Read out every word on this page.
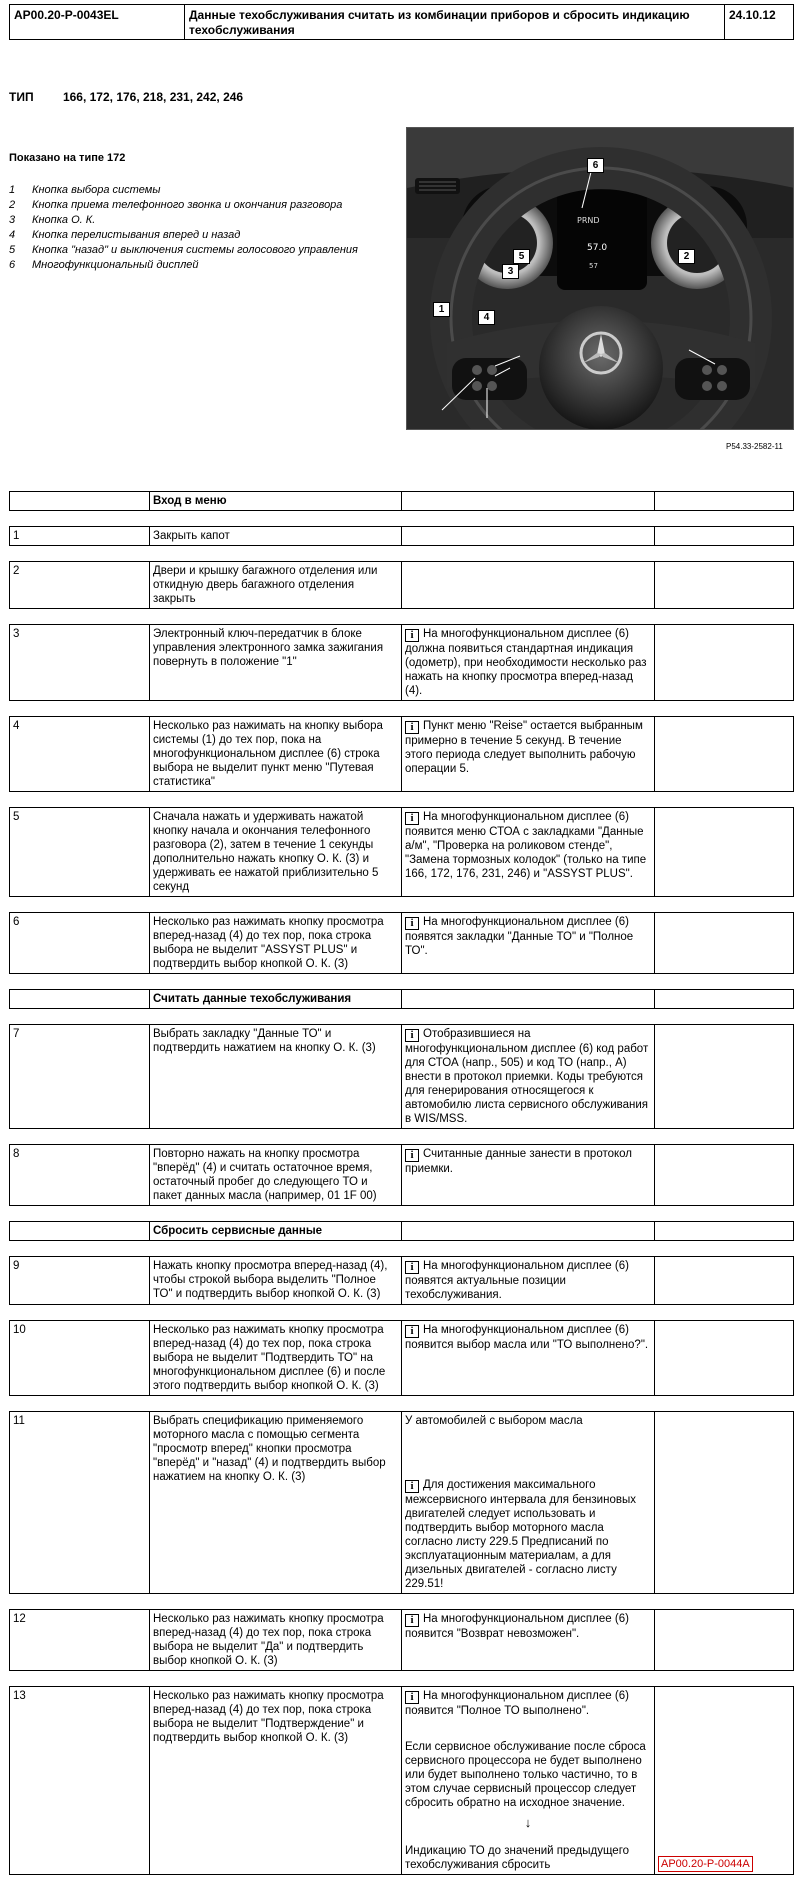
AP00.20-P-0043EL	Данные техобслуживания считать из комбинации приборов и сбросить индикацию техобслуживания
24.10.12
ТИП 166, 172, 176, 218, 231, 242, 246
Показано на типе 172
1	Кнопка выбора системы
2	Кнопка приема телефонного звонка и окончания разговора
3	Кнопка О. К.
4	Кнопка перелистывания вперед и назад
5	Кнопка "назад" и выключения системы голосового управления
6	Многофункциональный дисплей
PRND
57.0
57
1
2
3
4
5
6
P54.33-2582-11
	Вход в меню		
1	Закрыть капот		
2	Двери и крышку багажного отделения или откидную дверь багажного отделения закрыть		
3	Электронный ключ-передатчик в блоке управления электронного замка зажигания повернуть в положение "1"	i На многофункциональном дисплее (6) должна появиться стандартная индикация (одометр), при необходимости несколько раз нажать на кнопку просмотра вперед-назад (4).	
4	Несколько раз нажимать на кнопку выбора системы (1) до тех пор, пока на многофункциональном дисплее (6) строка выбора не выделит пункт меню "Путевая статистика"	i Пункт меню "Reise" остается выбранным примерно в течение 5 секунд. В течение этого периода следует выполнить рабочую операции 5.	
5	Сначала нажать и удерживать нажатой кнопку начала и окончания телефонного разговора (2), затем в течение 1 секунды дополнительно нажать кнопку О. К. (3) и удерживать ее нажатой приблизительно 5 секунд	i На многофункциональном дисплее (6) появится меню СТОА с закладками "Данные а/м", "Проверка на роликовом стенде", "Замена тормозных колодок" (только на типе 166, 172, 176, 231, 246) и "ASSYST PLUS".	
6	Несколько раз нажимать кнопку просмотра вперед-назад (4) до тех пор, пока строка выбора не выделит "ASSYST PLUS" и подтвердить выбор кнопкой О. К. (3)	i На многофункциональном дисплее (6) появятся закладки "Данные ТО" и "Полное ТО".	
	Считать данные техобслуживания		
7	Выбрать закладку "Данные ТО" и подтвердить нажатием на кнопку О. К. (3)	i Отобразившиеся на многофункциональном дисплее (6) код работ для СТОА (напр., 505) и код ТО (напр., А) внести в протокол приемки. Коды требуются для генерирования относящегося к автомобилю листа сервисного обслуживания в WIS/MSS.	
8	Повторно нажать на кнопку просмотра "вперёд" (4) и считать остаточное время, остаточный пробег до следующего ТО и пакет данных масла (например, 01 1F 00)	i Считанные данные занести в протокол приемки.	
	Сбросить сервисные данные		
9	Нажать кнопку просмотра вперед-назад (4), чтобы строкой выбора выделить "Полное ТО" и подтвердить выбор кнопкой О. К. (3)	i На многофункциональном дисплее (6) появятся актуальные позиции техобслуживания.	
10	Несколько раз нажимать кнопку просмотра вперед-назад (4) до тех пор, пока строка выбора не выделит "Подтвердить ТО" на многофункциональном дисплее (6) и после этого подтвердить выбор кнопкой О. К. (3)	i На многофункциональном дисплее (6) появится выбор масла или "ТО выполнено?".	
11	Выбрать спецификацию применяемого моторного масла с помощью сегмента "просмотр вперед" кнопки просмотра "вперёд" и "назад" (4) и подтвердить выбор нажатием на кнопку О. К. (3)	У автомобилей с выбором масла
i Для достижения максимального межсервисного интервала для бензиновых двигателей следует использовать и подтвердить выбор моторного масла согласно листу 229.5 Предписаний по эксплуатационным материалам, а для дизельных двигателей - согласно листу 229.51!	

12	Несколько раз нажимать кнопку просмотра вперед-назад (4) до тех пор, пока строка выбора не выделит "Да" и подтвердить выбор кнопкой О. К. (3)	i На многофункциональном дисплее (6) появится "Возврат невозможен".	
13	Несколько раз нажимать кнопку просмотра вперед-назад (4) до тех пор, пока строка выбора не выделит "Подтверждение" и подтвердить выбор кнопкой О. К. (3)	i На многофункциональном дисплее (6) появится "Полное ТО выполнено".
Если сервисное обслуживание после сброса сервисного процессора не будет выполнено или будет выполнено только частично, то в этом случае сервисный процессор следует сбросить обратно на исходное значение.
↓
Индикацию ТО до значений предыдущего техобслуживания сбросить	AP00.20-P-0044A
